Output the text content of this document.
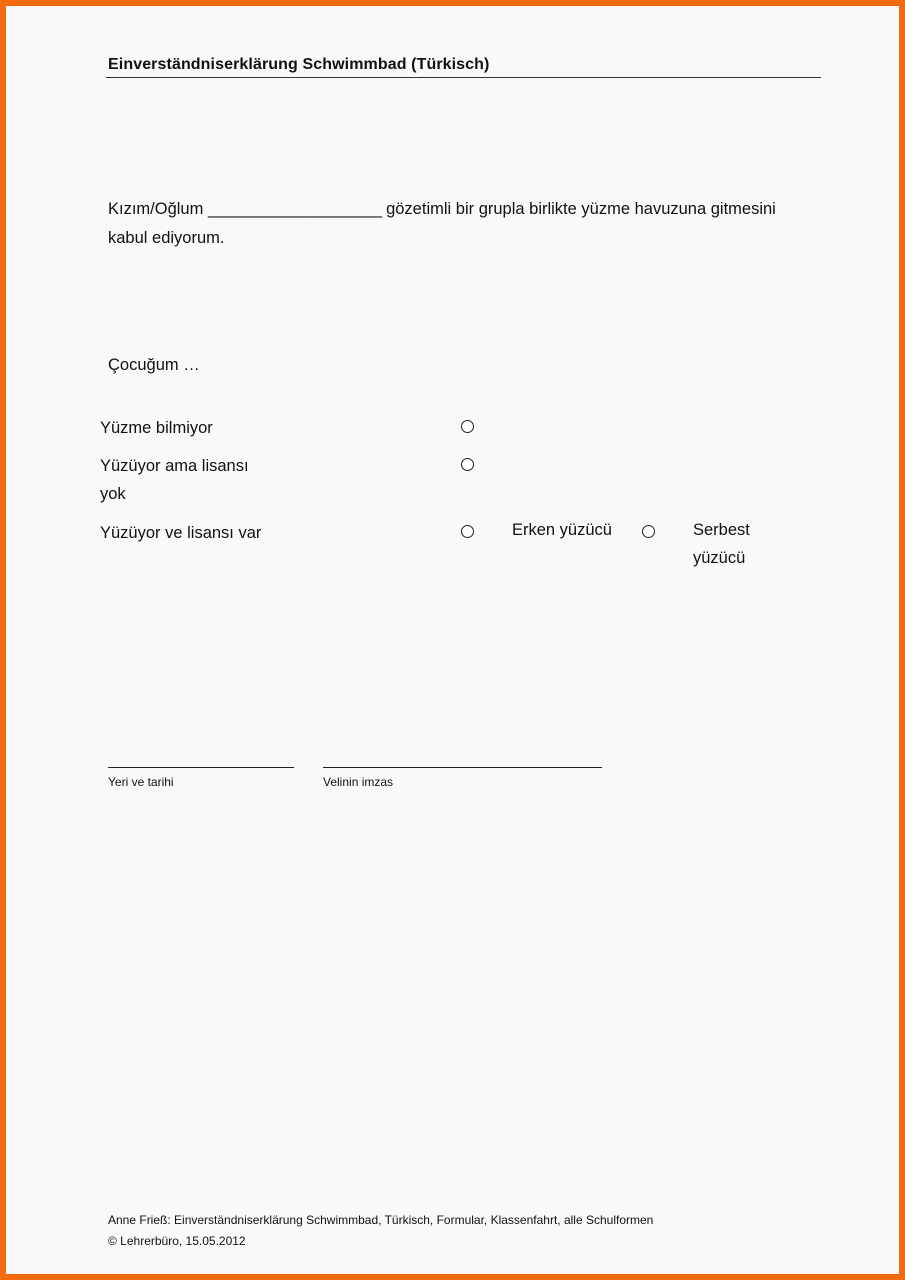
Einverständniserklärung Schwimmbad (Türkisch)
Kızım/Oğlum ____________________ gözetimli bir grupla birlikte yüzme havuzuna gitmesini kabul ediyorum.
Çocuğum …
Yüzme bilmiyor
Yüzüyor ama lisansı
yok
Yüzüyor ve lisansı var	Erken yüzücü	Serbest
yüzücü
Yeri ve tarihi	Velinin imzas
Anne Frieß: Einverständniserklärung Schwimmbad, Türkisch, Formular, Klassenfahrt, alle Schulformen
© Lehrerbüro, 15.05.2012
